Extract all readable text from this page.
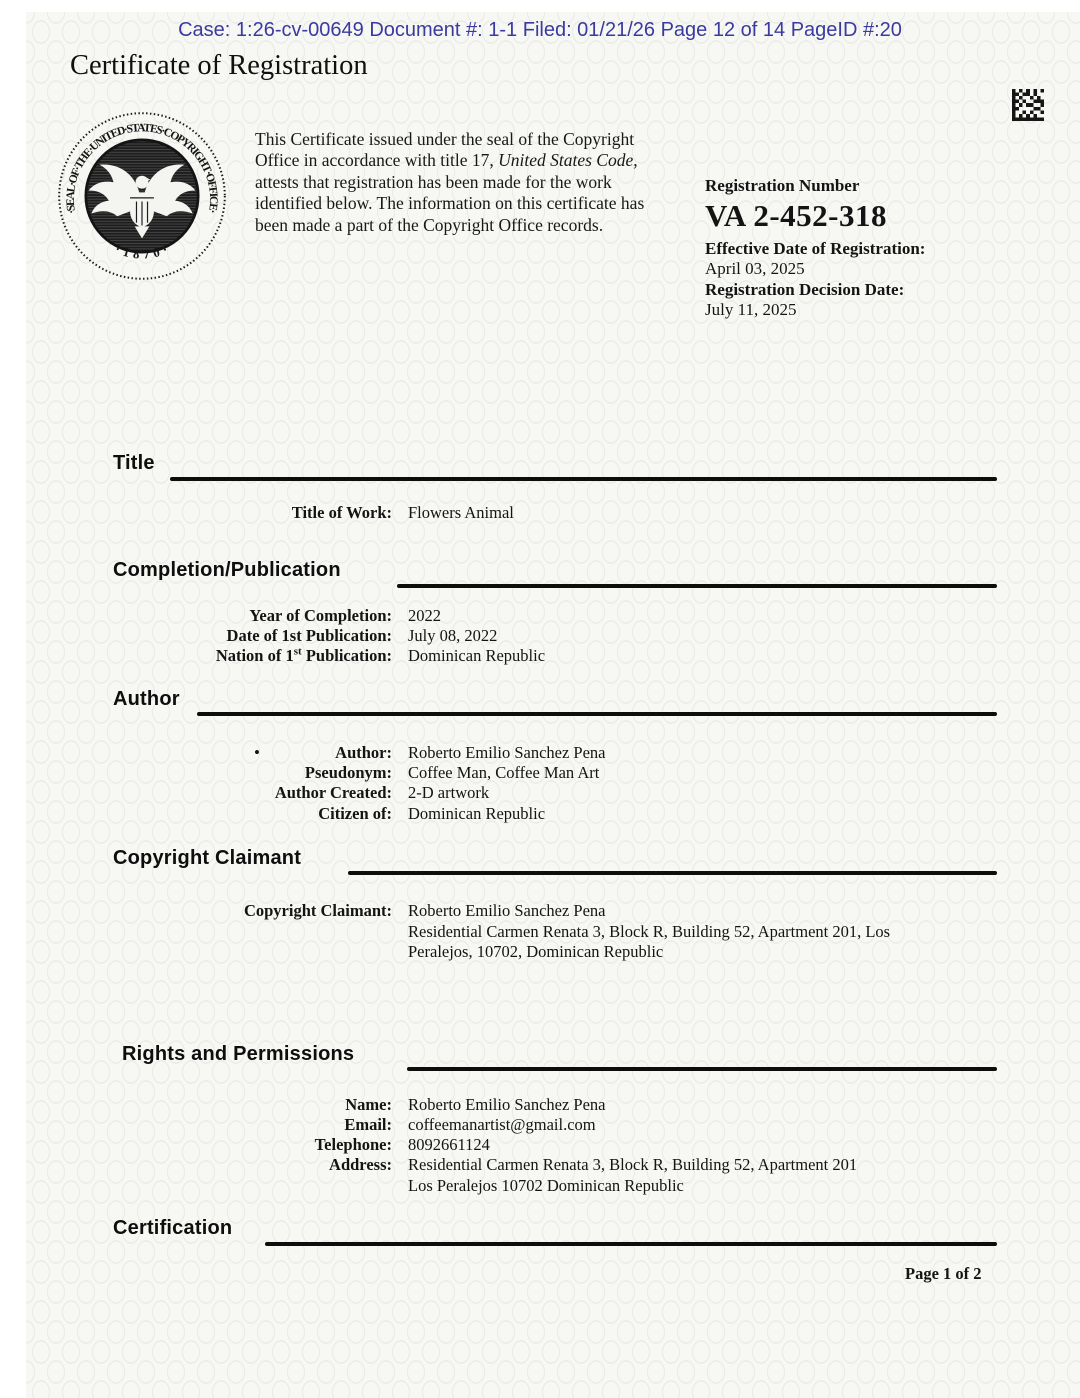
Case: 1:26-cv-00649 Document #: 1-1 Filed: 01/21/26 Page 12 of 14 PageID #:20
Certificate of Registration
·SEAL·OF·THE·UNITED·STATES·COPYRIGHT·OFFICE·
·1870·

This Certificate issued under the seal of the Copyright Office in accordance with title 17, United States Code, attests that registration has been made for the work identified below. The information on this certificate has been made a part of the Copyright Office records.

Registration Number
VA 2-452-318
Effective Date of Registration:
April 03, 2025
Registration Decision Date:
July 11, 2025
Title
Title of Work: Flowers Animal
Completion/Publication
Year of Completion: 2022
Date of 1st Publication: July 08, 2022
Nation of 1st Publication: Dominican Republic
Author
•	Author: Roberto Emilio Sanchez Pena
Pseudonym: Coffee Man, Coffee Man Art
Author Created: 2-D artwork
Citizen of: Dominican Republic
Copyright Claimant
Copyright Claimant: Roberto Emilio Sanchez Pena
Residential Carmen Renata 3, Block R, Building 52, Apartment 201, Los
Peralejos, 10702, Dominican Republic
Rights and Permissions
Name: Roberto Emilio Sanchez Pena
Email: coffeemanartist@gmail.com
Telephone: 8092661124
Address: Residential Carmen Renata 3, Block R, Building 52, Apartment 201
Los Peralejos 10702 Dominican Republic
Certification
Page 1 of 2
